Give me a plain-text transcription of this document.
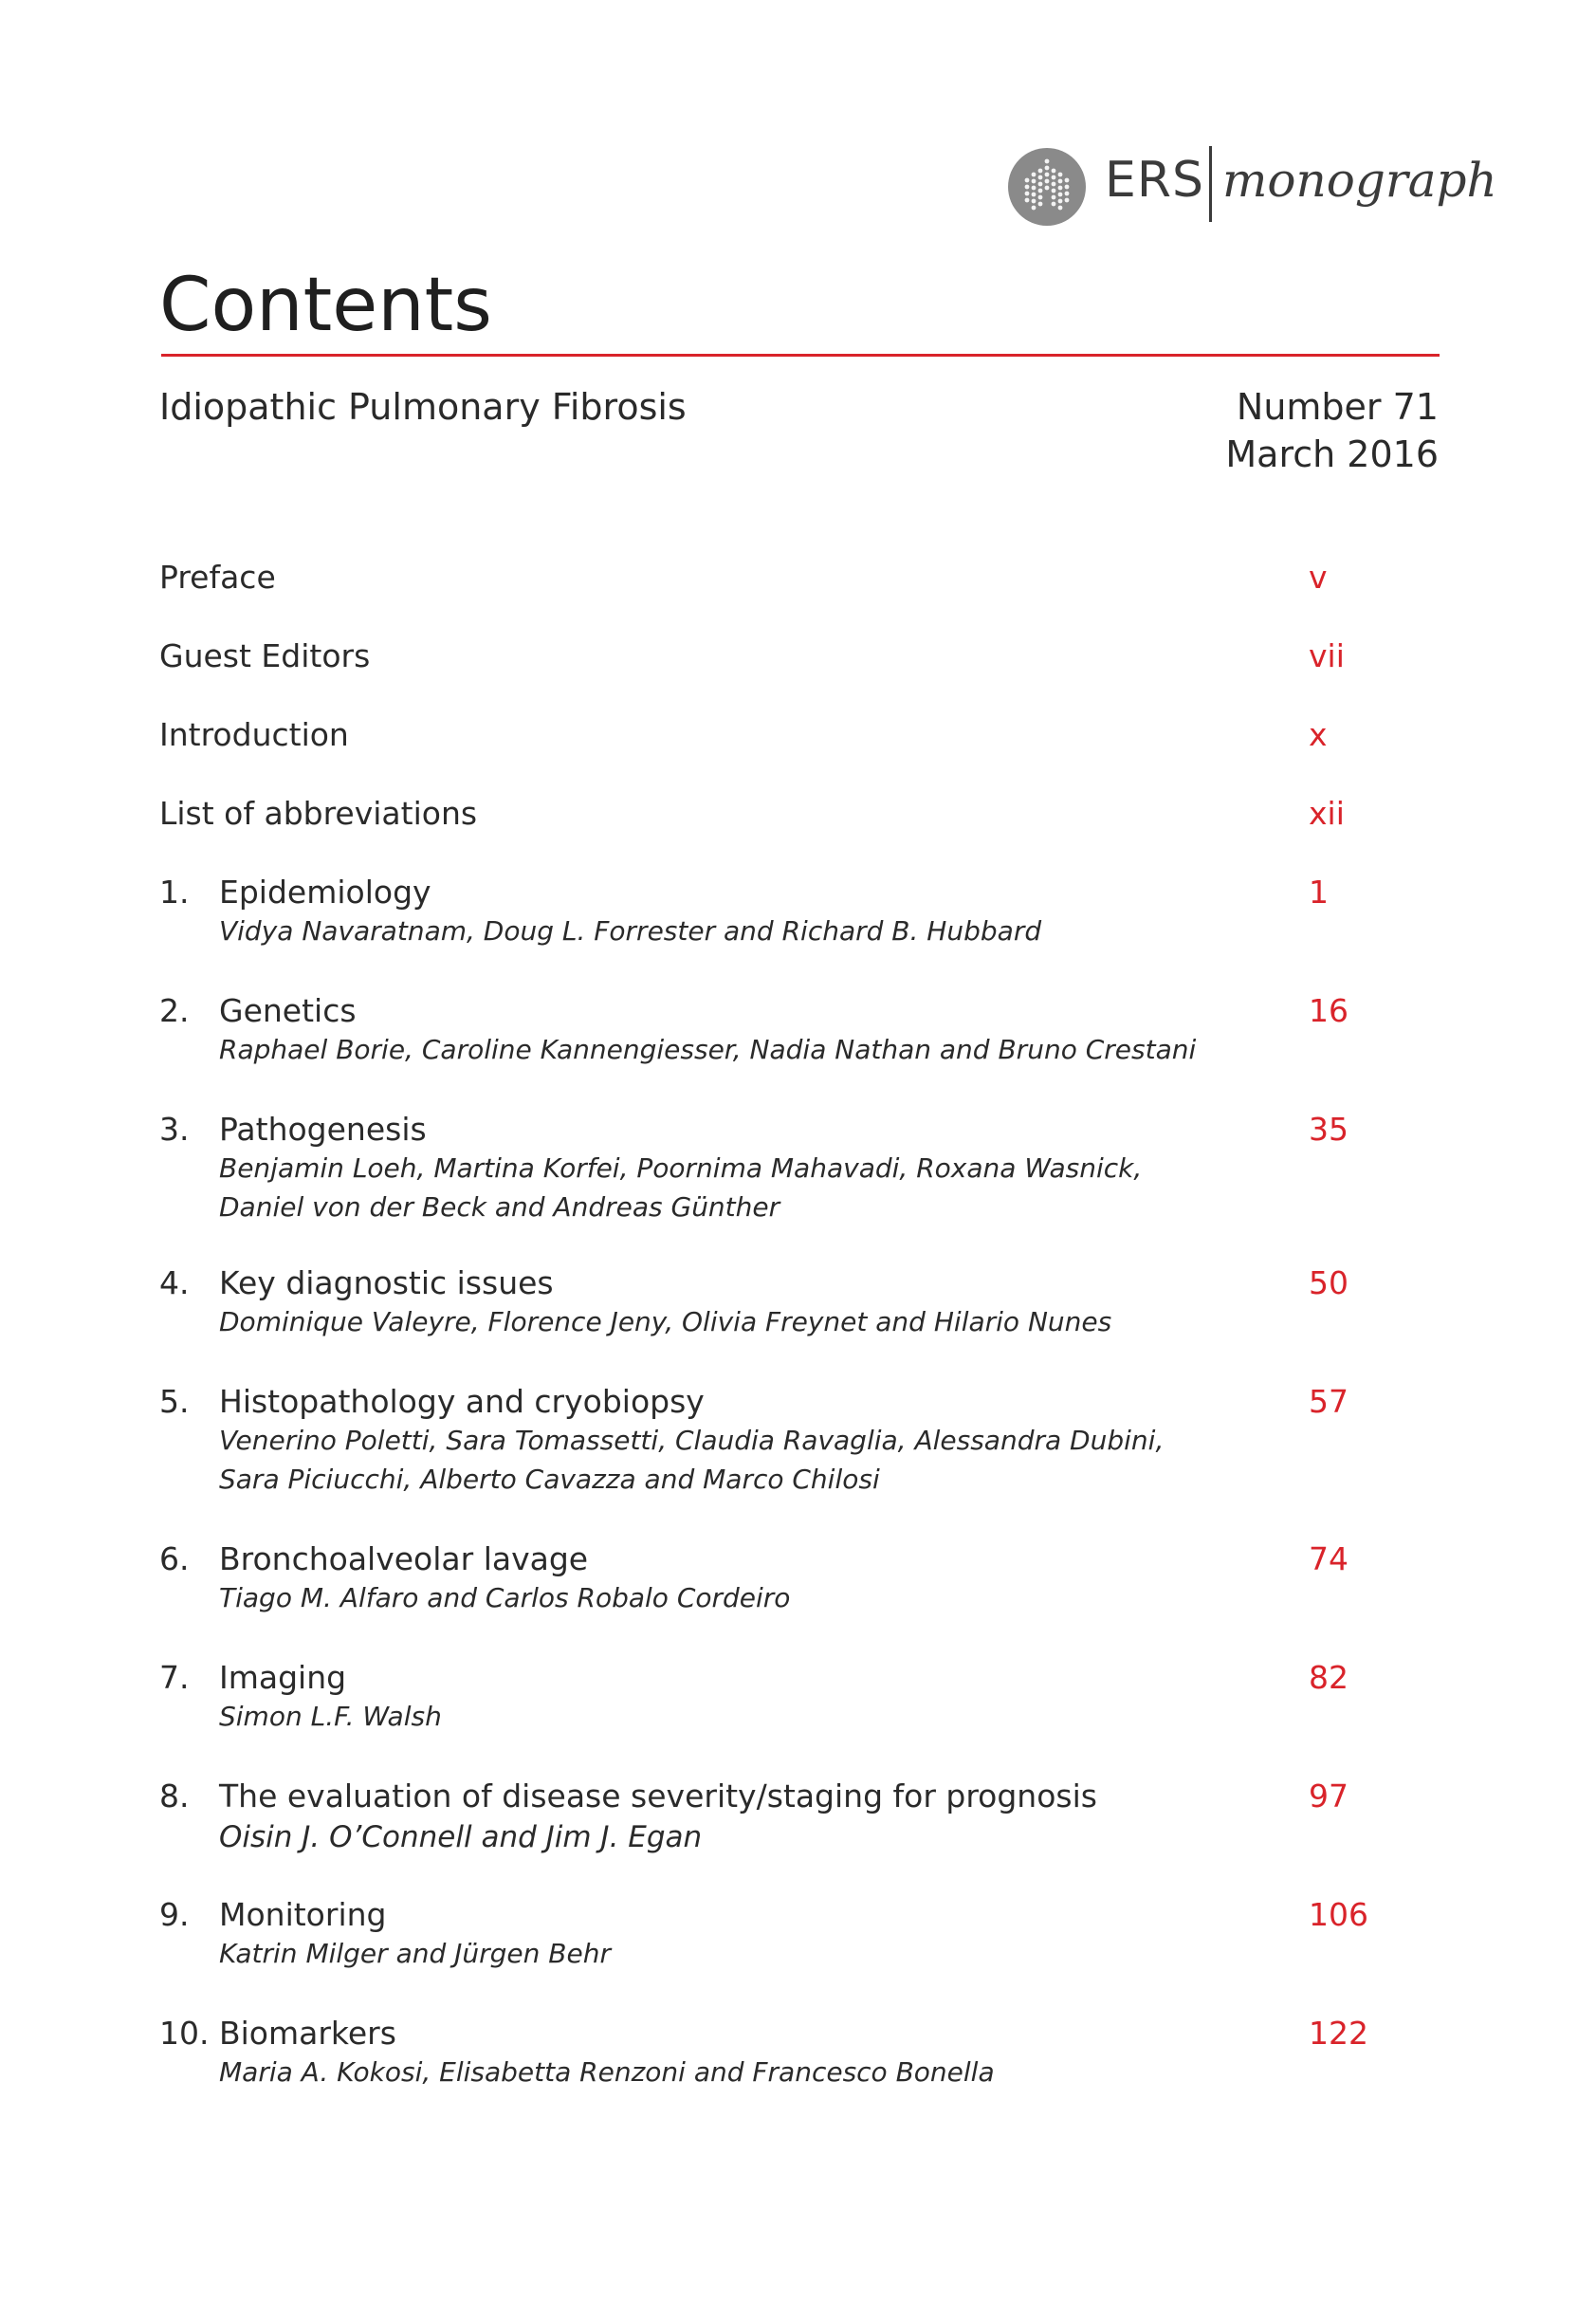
ERS monograph
Contents
Idiopathic Pulmonary Fibrosis	Number 71
March 2016
Preface	v
Guest Editors	vii
Introduction	x
List of abbreviations	xii
1. Epidemiology	1
Vidya Navaratnam, Doug L. Forrester and Richard B. Hubbard
2. Genetics	16
Raphael Borie, Caroline Kannengiesser, Nadia Nathan and Bruno Crestani
3. Pathogenesis	35
Benjamin Loeh, Martina Korfei, Poornima Mahavadi, Roxana Wasnick,
Daniel von der Beck and Andreas Günther
4. Key diagnostic issues	50
Dominique Valeyre, Florence Jeny, Olivia Freynet and Hilario Nunes
5. Histopathology and cryobiopsy	57
Venerino Poletti, Sara Tomassetti, Claudia Ravaglia, Alessandra Dubini,
Sara Piciucchi, Alberto Cavazza and Marco Chilosi
6. Bronchoalveolar lavage	74
Tiago M. Alfaro and Carlos Robalo Cordeiro
7. Imaging	82
Simon L.F. Walsh
8. The evaluation of disease severity/staging for prognosis	97
Oisin J. O’Connell and Jim J. Egan
9. Monitoring	106
Katrin Milger and Jürgen Behr
10. Biomarkers	122
Maria A. Kokosi, Elisabetta Renzoni and Francesco Bonella
